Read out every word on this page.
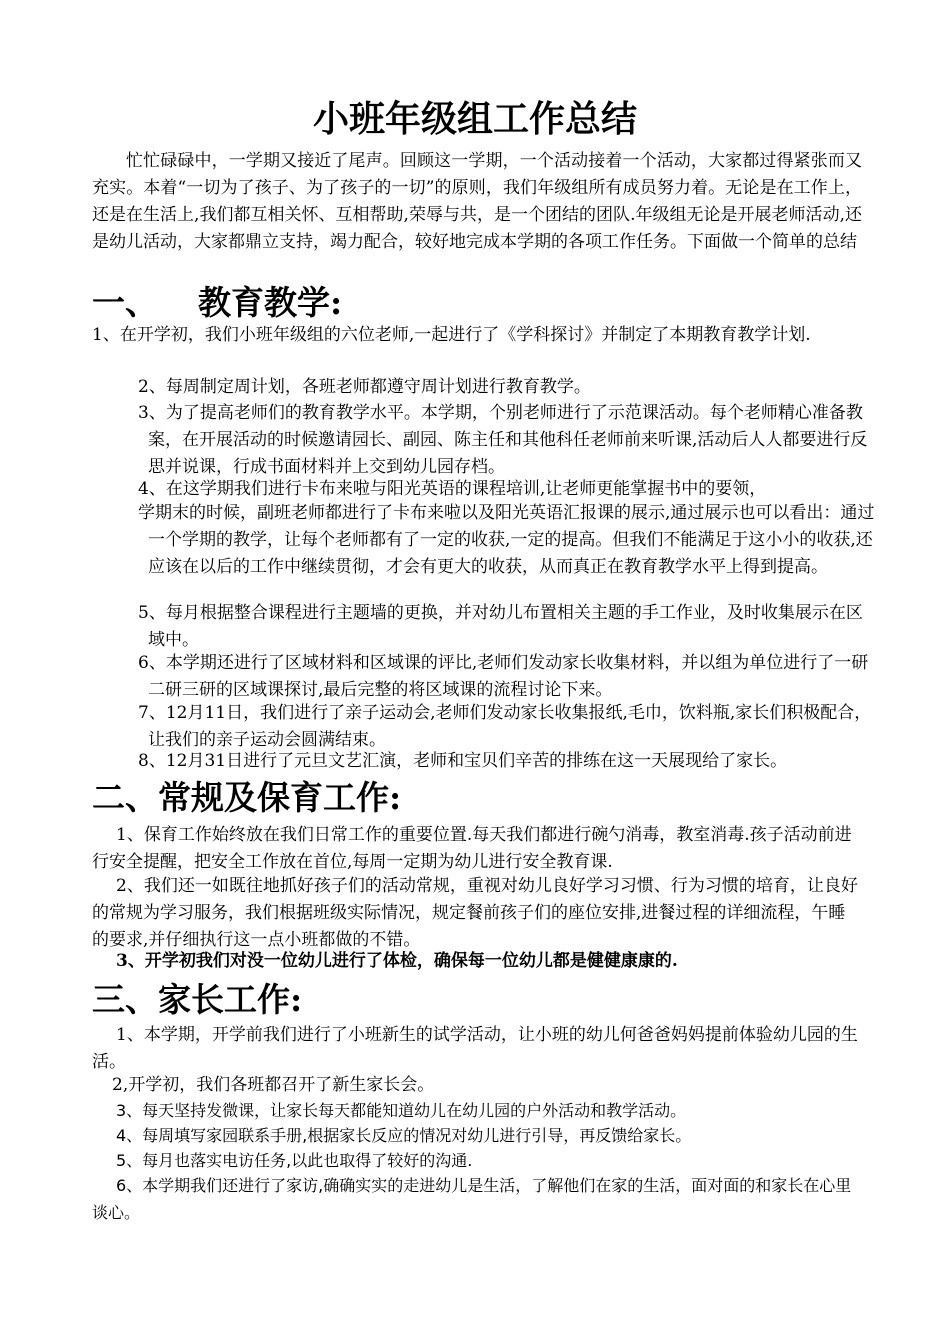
小班年级组工作总结

忙忙碌碌中，一学期又接近了尾声。回顾这一学期，一个活动接着一个活动，大家都过得紧张而又充实。本着“一切为了孩子、为了孩子的一切”的原则，我们年级组所有成员努力着。无论是在工作上，还是在生活上,我们都互相关怀、互相帮助,荣辱与共，是一个团结的团队.年级组无论是开展老师活动,还是幼儿活动，大家都鼎立支持，竭力配合，较好地完成本学期的各项工作任务。下面做一个简单的总结

一、 教育教学:

1、在开学初，我们小班年级组的六位老师,一起进行了《学科探讨》并制定了本期教育教学计划.

2、每周制定周计划，各班老师都遵守周计划进行教育教学。

3、为了提高老师们的教育教学水平。本学期，个别老师进行了示范课活动。每个老师精心准备教案，在开展活动的时候邀请园长、副园、陈主任和其他科任老师前来听课,活动后人人都要进行反思并说课，行成书面材料并上交到幼儿园存档。

4、在这学期我们进行卡布来啦与阳光英语的课程培训,让老师更能掌握书中的要领，

学期末的时候，副班老师都进行了卡布来啦以及阳光英语汇报课的展示,通过展示也可以看出：通过一个学期的教学，让每个老师都有了一定的收获,一定的提高。但我们不能满足于这小小的收获,还应该在以后的工作中继续贯彻，才会有更大的收获，从而真正在教育教学水平上得到提高。

5、每月根据整合课程进行主题墙的更换，并对幼儿布置相关主题的手工作业，及时收集展示在区域中。

6、本学期还进行了区域材料和区域课的评比,老师们发动家长收集材料，并以组为单位进行了一研二研三研的区域课探讨,最后完整的将区域课的流程讨论下来。

7、12月11日，我们进行了亲子运动会,老师们发动家长收集报纸,毛巾，饮料瓶,家长们积极配合，让我们的亲子运动会圆满结束。

8、12月31日进行了元旦文艺汇演，老师和宝贝们辛苦的排练在这一天展现给了家长。

二、常规及保育工作:

1、保育工作始终放在我们日常工作的重要位置.每天我们都进行碗勺消毒，教室消毒.孩子活动前进行安全提醒，把安全工作放在首位,每周一定期为幼儿进行安全教育课.

2、我们还一如既往地抓好孩子们的活动常规，重视对幼儿良好学习习惯、行为习惯的培育，让良好的常规为学习服务，我们根据班级实际情况，规定餐前孩子们的座位安排,进餐过程的详细流程，午睡的要求,并仔细执行这一点小班都做的不错。

3、开学初我们对没一位幼儿进行了体检，确保每一位幼儿都是健健康康的.

三、家长工作:

1、本学期，开学前我们进行了小班新生的试学活动，让小班的幼儿何爸爸妈妈提前体验幼儿园的生活。

2,开学初，我们各班都召开了新生家长会。

3、每天坚持发微课，让家长每天都能知道幼儿在幼儿园的户外活动和教学活动。

4、每周填写家园联系手册,根据家长反应的情况对幼儿进行引导，再反馈给家长。

5、每月也落实电访任务,以此也取得了较好的沟通.

6、本学期我们还进行了家访,确确实实的走进幼儿是生活，了解他们在家的生活，面对面的和家长在心里谈心。
